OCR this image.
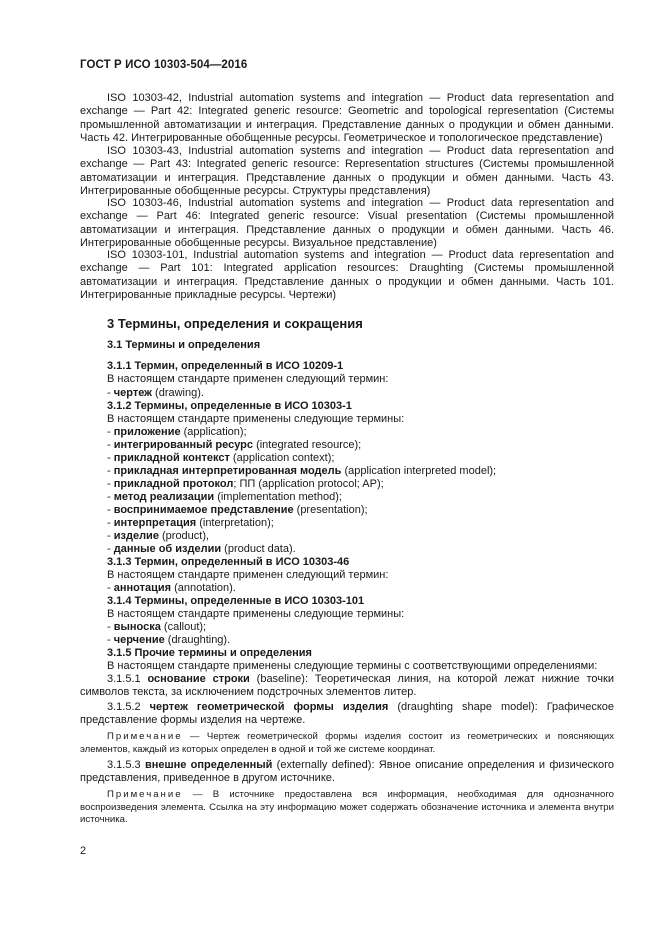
ГОСТ Р ИСО 10303-504—2016
ISO 10303-42, Industrial automation systems and integration — Product data representation and exchange — Part 42: Integrated generic resource: Geometric and topological representation (Системы промышленной автоматизации и интеграция. Представление данных о продукции и обмен данными. Часть 42. Интегрированные обобщенные ресурсы. Геометрическое и топологическое представление)
ISO 10303-43, Industrial automation systems and integration — Product data representation and exchange — Part 43: Integrated generic resource: Representation structures (Системы промышленной автоматизации и интеграция. Представление данных о продукции и обмен данными. Часть 43. Интегрированные обобщенные ресурсы. Структуры представления)
ISO 10303-46, Industrial automation systems and integration — Product data representation and exchange — Part 46: Integrated generic resource: Visual presentation (Системы промышленной автоматизации и интеграция. Представление данных о продукции и обмен данными. Часть 46. Интегрированные обобщенные ресурсы. Визуальное представление)
ISO 10303-101, Industrial automation systems and integration — Product data representation and exchange — Part 101: Integrated application resources: Draughting (Системы промышленной автоматизации и интеграция. Представление данных о продукции и обмен данными. Часть 101. Интегрированные прикладные ресурсы. Чертежи)
3 Термины, определения и сокращения
3.1 Термины и определения
3.1.1 Термин, определенный в ИСО 10209-1
В настоящем стандарте применен следующий термин:
- чертеж (drawing).
3.1.2 Термины, определенные в ИСО 10303-1
В настоящем стандарте применены следующие термины:
- приложение (application);
- интегрированный ресурс (integrated resource);
- прикладной контекст (application context);
- прикладная интерпретированная модель (application interpreted model);
- прикладной протокол; ПП (application protocol; AP);
- метод реализации (implementation method);
- воспринимаемое представление (presentation);
- интерпретация (interpretation);
- изделие (product),
- данные об изделии (product data).
3.1.3 Термин, определенный в ИСО 10303-46
В настоящем стандарте применен следующий термин:
- аннотация (annotation).
3.1.4 Термины, определенные в ИСО 10303-101
В настоящем стандарте применены следующие термины:
- выноска (callout);
- черчение (draughting).
3.1.5 Прочие термины и определения
В настоящем стандарте применены следующие термины с соответствующими определениями:
3.1.5.1 основание строки (baseline): Теоретическая линия, на которой лежат нижние точки символов текста, за исключением подстрочных элементов литер.
3.1.5.2 чертеж геометрической формы изделия (draughting shape model): Графическое представление формы изделия на чертеже.
Примечание — Чертеж геометрической формы изделия состоит из геометрических и поясняющих элементов, каждый из которых определен в одной и той же системе координат.
3.1.5.3 внешне определенный (externally defined): Явное описание определения и физического представления, приведенное в другом источнике.
Примечание — В источнике предоставлена вся информация, необходимая для однозначного воспроизведения элемента. Ссылка на эту информацию может содержать обозначение источника и элемента внутри источника.
2
